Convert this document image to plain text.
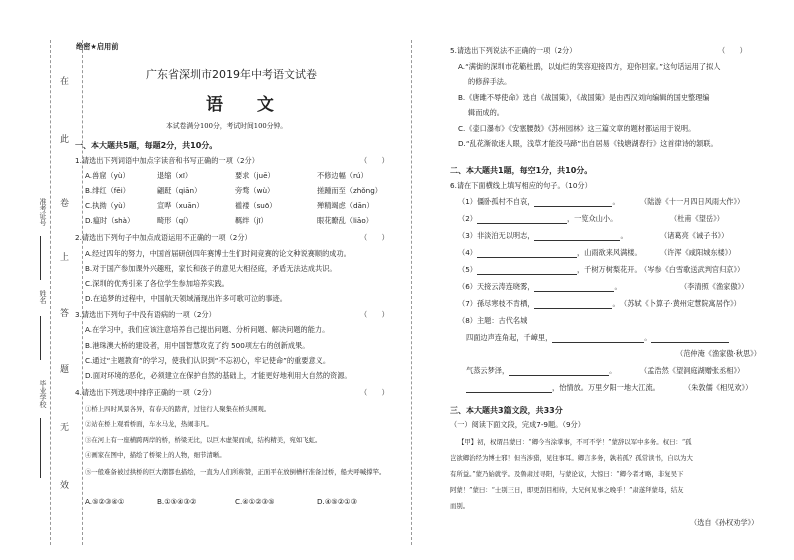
在
此
卷
上
答
题
无
效
准考证号
姓名
毕业学校
绝密★启用前
广东省深圳市2019年中考语文试卷
语 文
本试卷满分100分，考试时间100分钟。
一、本大题共5题，每题2分，共10分。
1.请选出下列词语中加点字读音和书写正确的一项（2分）	（　　）
A.兽窟（yù）	退缩（xī）	要求（juē）	不修边幅（rú）
B.绯红（fēi）	翩跹（qiān）	旁骛（wù）	搓踵而至（zhǒng）
C.执拗（yù）	宣哗（xuān）	褴褛（suō）	殚精竭虑（dān）
D.瘟时（shà）	畸形（qí）	羁绊（jī）	眼花瞭乱（liāo）
2.请选出下列句子中加点成语运用不正确的一项（2分）	（　　）
A.经过四年的努力，中国首届研创四年赛博士生们时间竞赛的论文种说赛顺的成功。
B.对于国产参加课外兴趣班，家长和孩子的意见大相径庭，矛盾无法达成共识。
C.深圳的优秀引来了各位学生参加培养实践。
D.在追梦的过程中，中国航天领域涌现出许多可歌可泣的事迹。
3.请选出下列句子中没有语病的一项（2分）	（　　）
A.在学习中，我们应该注意培养自己提出问题、分析问题、解决问题的能力。
B.港珠澳大桥的建设者，用中国智慧攻克了约 500项左右的创新成果。
C.通过“主题教育”的学习，使我们认识到“不忘初心，牢记使命”的重要意义。
D.面对环境的恶化，必须建立在保护自然的基础上，才能更好地利用大自然的资源。
4.请选出下列选项中排序正确的一项（2分）	（　　）
①桥上四时风景各异，有春天的踏青，过往行人聚集在桥头围观。
②站在桥上观看桥面，车水马龙，热闹非凡。
③在河上有一座横跨两岸的桥，桥梁无比，以巨木虚架而成，结构精美，宛如飞虹。
④画家在图中，描绘了桥梁上的人物，细节清晰。
⑤一般难备被过拱桥的巨大潮都也描绘，一直为人们所称赞，正面平在放倒槽杆准备过桥，船夫呼喊撑竿。
A.⑤②③④①	B.①⑤④③②	C.④①②③⑤	D.④⑤②①③
5.请选出下列说法不正确的一项（2分）	（　　）
A.“满街的深圳市花簕杜鹃，以灿烂的笑容迎接四方，迎你回家。”这句话运用了拟人
的修辞手法。
B.《唐雎不辱使命》选自《战国策》，《战国策》是由西汉刘向编辑的国史整理编
辑而成的。
C.《壶口瀑布》《安塞腰鼓》《苏州园林》这三篇文章的题材都运用于说明。
D.“乱花渐欲迷人眼，浅草才能没马蹄”出自居易《钱塘湖春行》这首律诗的颔联。
二、本大题共1题，每空1分，共10分。
6.请在下面横线上填写相应的句子。（10分）
（1）僵卧孤村不自哀，	。	（陆游《十一月四日风雨大作》）
（2）	，一览众山小。	（杜甫《望岳》）
（3）非淡泊无以明志，	。	（诸葛亮《诫子书》）
（4）	，山雨欲来风满楼。	（许浑《咸阳城东楼》）
（5）	，千树万树梨花开。
（岑参《白雪歌送武判官归京》）
（6）天接云涛连晓雾，	。	（李清照《渔家傲》）
（7）孫尽寒枝不肯栖，	。 （苏轼《卜算子·黄州定慧院寓居作》）
（8）主题：古代名城
四面边声连角起，千嶂里，	。
（范仲淹《渔家傲·秋思》）
气蒸云梦泽，	。	（孟浩然《望洞庭湖赠张丞相》）
，怡情放。万里夕阳一地大江流。	（朱敦儒《相见欢》）
三、本大题共3篇文段，共33分
（一）阅读下面文段，完成7-9题。（9分）
【甲】初，权谓吕蒙曰：“卿今当涂掌事，不可不学！”蒙辞以军中多务。权曰：“孤
岂欲卿治经为博士邪！但当涉猎，见往事耳。卿言多务，孰若孤？孤常读书，自以为大
有所益。”蒙乃始就学。及鲁肃过寻阳，与蒙论议，大惊曰：“卿今者才略，非复吴下
阿蒙！”蒙曰：“士别三日，即更刮目相待，大兄何见事之晚乎！”肃遂拜蒙母，结友
而别。
（选自《孙权劝学》）
